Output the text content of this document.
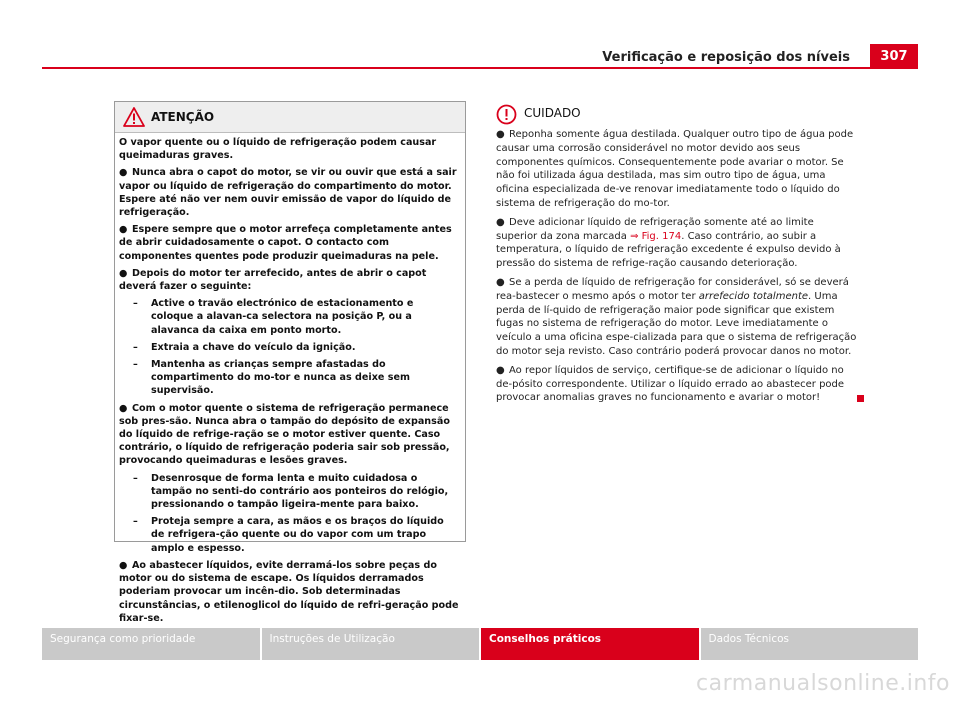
Verificação e reposição dos níveis	307
ATENÇÃO

O vapor quente ou o líquido de refrigeração podem causar queimaduras graves.

● Nunca abra o capot do motor, se vir ou ouvir que está a sair vapor ou líquido de refrigeração do compartimento do motor. Espere até não ver nem ouvir emissão de vapor do líquido de refrigeração.

● Espere sempre que o motor arrefeça completamente antes de abrir cuidadosamente o capot. O contacto com componentes quentes pode produzir queimaduras na pele.

● Depois do motor ter arrefecido, antes de abrir o capot deverá fazer o seguinte:

– Active o travão electrónico de estacionamento e coloque a alavan-ca selectora na posição P, ou a alavanca da caixa em ponto morto.
– Extraia a chave do veículo da ignição.
– Mantenha as crianças sempre afastadas do compartimento do mo-tor e nunca as deixe sem supervisão.

● Com o motor quente o sistema de refrigeração permanece sob pres-são. Nunca abra o tampão do depósito de expansão do líquido de refrige-ração se o motor estiver quente. Caso contrário, o líquido de refrigeração poderia sair sob pressão, provocando queimaduras e lesões graves.

– Desenrosque de forma lenta e muito cuidadosa o tampão no senti-do contrário aos ponteiros do relógio, pressionando o tampão ligeira-mente para baixo.
– Proteja sempre a cara, as mãos e os braços do líquido de refrigera-ção quente ou do vapor com um trapo amplo e espesso.

● Ao abastecer líquidos, evite derramá-los sobre peças do motor ou do sistema de escape. Os líquidos derramados poderiam provocar um incên-dio. Sob determinadas circunstâncias, o etilenoglicol do líquido de refri-geração pode fixar-se.

CUIDADO

● Reponha somente água destilada. Qualquer outro tipo de água pode causar uma corrosão considerável no motor devido aos seus componentes químicos. Consequentemente pode avariar o motor. Se não foi utilizada água destilada, mas sim outro tipo de água, uma oficina especializada de-ve renovar imediatamente todo o líquido do sistema de refrigeração do mo-tor.

● Deve adicionar líquido de refrigeração somente até ao limite superior da zona marcada ⇒ Fig. 174. Caso contrário, ao subir a temperatura, o líquido de refrigeração excedente é expulso devido à pressão do sistema de refrige-ração causando deterioração.

● Se a perda de líquido de refrigeração for considerável, só se deverá rea-bastecer o mesmo após o motor ter arrefecido totalmente. Uma perda de lí-quido de refrigeração maior pode significar que existem fugas no sistema de refrigeração do motor. Leve imediatamente o veículo a uma oficina espe-cializada para que o sistema de refrigeração do motor seja revisto. Caso contrário poderá provocar danos no motor.

● Ao repor líquidos de serviço, certifique-se de adicionar o líquido no de-pósito correspondente. Utilizar o líquido errado ao abastecer pode provocar anomalias graves no funcionamento e avariar o motor!

Segurança como prioridade	Instruções de Utilização	Conselhos práticos	Dados Técnicos
carmanualsonline.info
